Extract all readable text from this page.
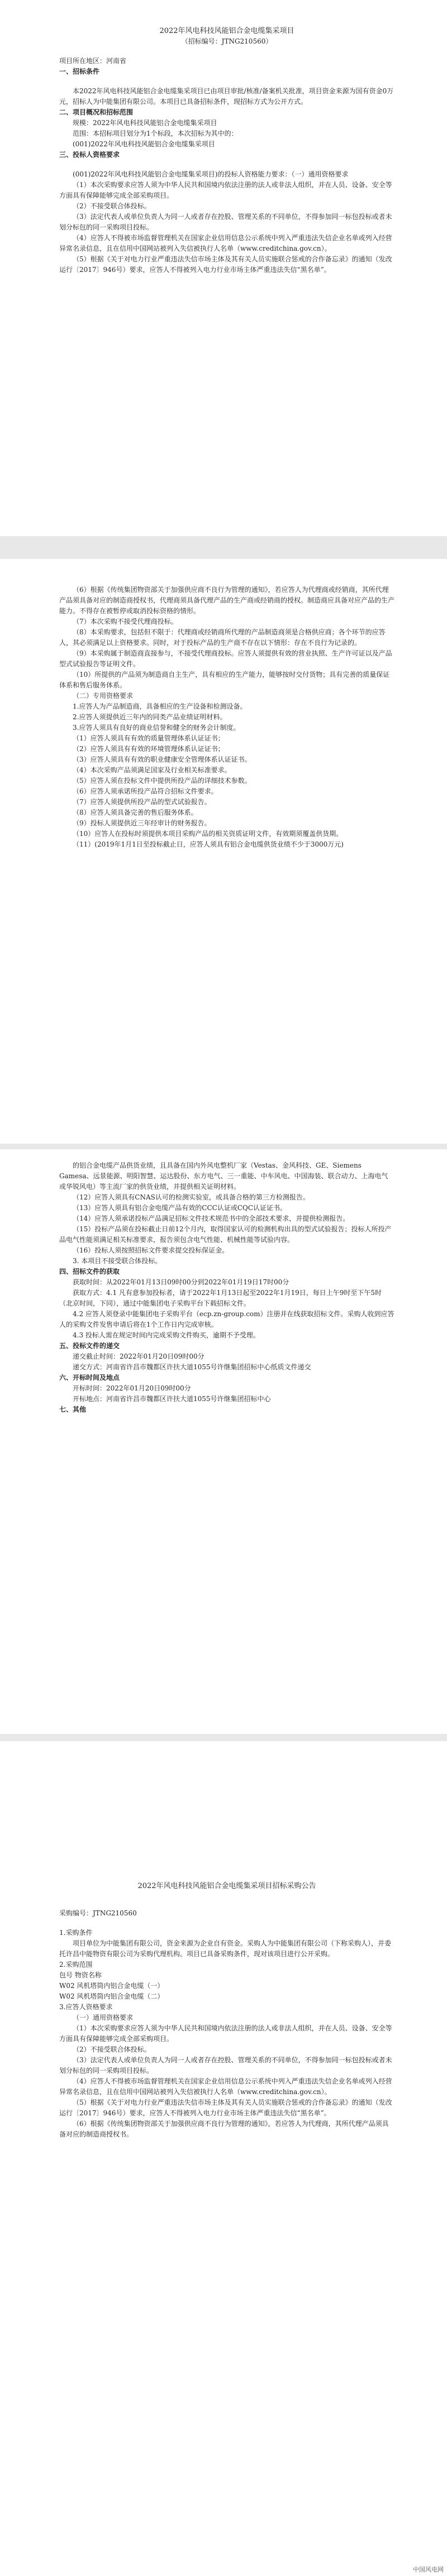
2022年风电科技风能铝合金电缆集采项目

（招标编号：JTNG210560）

项目所在地区：河南省

一、招标条件

本2022年风电科技风能铝合金电缆集采项目已由项目审批/核准/备案机关批准，项目资金来源为国有资金0万元，招标人为中能集团有限公司。本项目已具备招标条件，现招标方式为公开方式。

二、项目概况和招标范围

规模：2022年风电科技风能铝合金电缆集采项目

范围：本招标项目划分为1个标段，本次招标为其中的：

(001)2022年风电科技风能铝合金电缆集采项目

三、投标人资格要求

(001)2022年风电科技风能铝合金电缆集采项目)的投标人资格能力要求：（一）通用资格要求

（1）本次采购要求应答人须为中华人民共和国境内依法注册的法人或非法人组织，并在人员、设备、安全等方面具有保障能够完成全部采购项目。

（2）不接受联合体投标。

（3）法定代表人或单位负责人为同一人或者存在控股、管理关系的不同单位，不得参加同一标包投标或者未划分标包的同一采购项目投标。

（4）应答人不得被市场监督管理机关在国家企业信用信息公示系统中列入严重违法失信企业名单或列入经营异常名录信息，且在信用中国网站被列入失信被执行人名单（www.creditchina.gov.cn）。

（5）根据《关于对电力行业严重违法失信市场主体及其有关人员实施联合惩戒的合作备忘录》的通知（发改运行〔2017〕946号）要求，应答人不得被列入电力行业市场主体严重违法失信“黑名单”。

（6）根据《传统集团物资部关于加强供应商不良行为管理的通知》，若应答人为代理商或经销商，其所代理产品须具备对应的制造商授权书，代理商须具备代理产品的生产商或经销商的授权。制造商应具备对应产品的生产能力。不得存在被暂停或取消投标资格的情形。

（7）本次采购不接受代理商投标。

（8）本采购要求，包括但不限于：代理商或经销商所代理的产品制造商须是合格供应商；各个环节的应答人，其必须满足以上资格要求。同时，对于投标产品的生产商不存在以下情形：存在不良行为记录的。

（9）本采购属于制造商直接参与，不接受代理商投标。应答人须提供有效的营业执照、生产许可证以及产品型式试验报告等证明文件。

（10）所提供的产品须为制造商自主生产，具有相应的生产能力，能够按时交付货物；具有完善的质量保证体系和售后服务体系。

（二）专用资格要求

1.应答人为产品制造商，具备相应的生产设备和检测设备。

2.应答人须提供近三年内的同类产品业绩证明材料。

3.应答人须具有良好的商业信誉和健全的财务会计制度。

（1）应答人须具有有效的质量管理体系认证证书；

（2）应答人须具有有效的环境管理体系认证证书；

（3）应答人须具有有效的职业健康安全管理体系认证证书。

（4）本次采购产品须满足国家及行业相关标准要求。

（5）应答人须在投标文件中提供所投产品的详细技术参数。

（6）应答人须承诺所投产品符合招标文件要求。

（7）应答人须提供所投产品的型式试验报告。

（8）应答人须具备完善的售后服务体系。

（9）投标人须提供近三年经审计的财务报告。

（10）应答人在投标时须提供本项目采购产品的相关资质证明文件，有效期须覆盖供货期。

（11）(2019年1月1日至投标截止日，应答人须具有铝合金电缆供货业绩不少于3000万元)

的铝合金电缆产品供货业绩，且具备在国内外风电整机厂家（Vestas、金风科技、GE、Siemens Gamesa、远景能源、明阳智慧、运达股份、东方电气、三一重能、中车风电、中国海装、联合动力、上海电气或华锐风电）等主流厂家的供货业绩，并提供相关证明材料。

（12）应答人须具有CNAS认可的检测实验室，或具备合格的第三方检测报告。

（13）应答人须具有铝合金电缆产品有效的CCC认证或CQC认证证书。

（14）应答人须承诺投标产品满足招标文件技术规范书中的全部技术要求，并提供检测报告。

（15）投标产品须在投标截止日前12个月内，取得国家认可的检测机构出具的型式试验报告；投标人所投产品电气性能须满足相关标准要求，报告须包含电气性能、机械性能等试验内容。

（16）投标人须按照招标文件要求提交投标保证金。

3. 本项目不接受联合体投标。

四、招标文件的获取

获取时间：从2022年01月13日09时00分到2022年01月19日17时00分

获取方式：4.1 凡有意参加投标者，请于2022年1月13日起至2022年1月19日，每日上午9时至下午5时（北京时间，下同），通过中能集团电子采购平台下载招标文件。

4.2 应答人须登录中能集团电子采购平台（ecp.zn-group.com）注册并在线获取招标文件。采购人收到应答人的采购文件发售申请后将在1个工作日内完成审核。

4.3 投标人需在规定时间内完成采购文件购买，逾期不予受理。

五、投标文件的递交

递交截止时间：2022年01月20日09时00分

递交方式：河南省许昌市魏都区许扶大道1055号许继集团招标中心纸质文件递交

六、开标时间及地点

开标时间：2022年01月20日09时00分

开标地点：河南省许昌市魏都区许扶大道1055号许继集团招标中心

七、其他

2022年风电科技风能铝合金电缆集采项目招标采购公告

采购编号：JTNG210560

1.采购条件

项目单位为中能集团有限公司，资金来源为企业自有资金。采购人为中能集团有限公司（下称采购人），并委托许昌中能物资有限公司为采购代理机构。项目已具备采购条件，现对该项目进行公开采购。

2.采购范围

包号 物资名称

W02 风机塔筒内铝合金电缆（一）

W02 风机塔筒内铝合金电缆（二）

3.应答人资格要求

（一）通用资格要求

（1）本次采购要求应答人须为中华人民共和国境内依法注册的法人或非法人组织，并在人员、设备、安全等方面具有保障能够完成全部采购项目。

（2）不接受联合体投标。

（3）法定代表人或单位负责人为同一人或者存在控股、管理关系的不同单位，不得参加同一标包投标或者未划分标包的同一采购项目投标。

（4）应答人不得被市场监督管理机关在国家企业信用信息公示系统中列入严重违法失信企业名单或列入经营异常名录信息，且在信用中国网站被列入失信被执行人名单（www.creditchina.gov.cn）。

（5）根据《关于对电力行业严重违法失信市场主体及其有关人员实施联合惩戒的合作备忘录》的通知（发改运行〔2017〕946号）要求，应答人不得被列入电力行业市场主体严重违法失信“黑名单”。

（6）根据《传统集团物资部关于加强供应商不良行为管理的通知》，若应答人为代理商，其所代理产品须具备对应的制造商授权书。

中国风电网
